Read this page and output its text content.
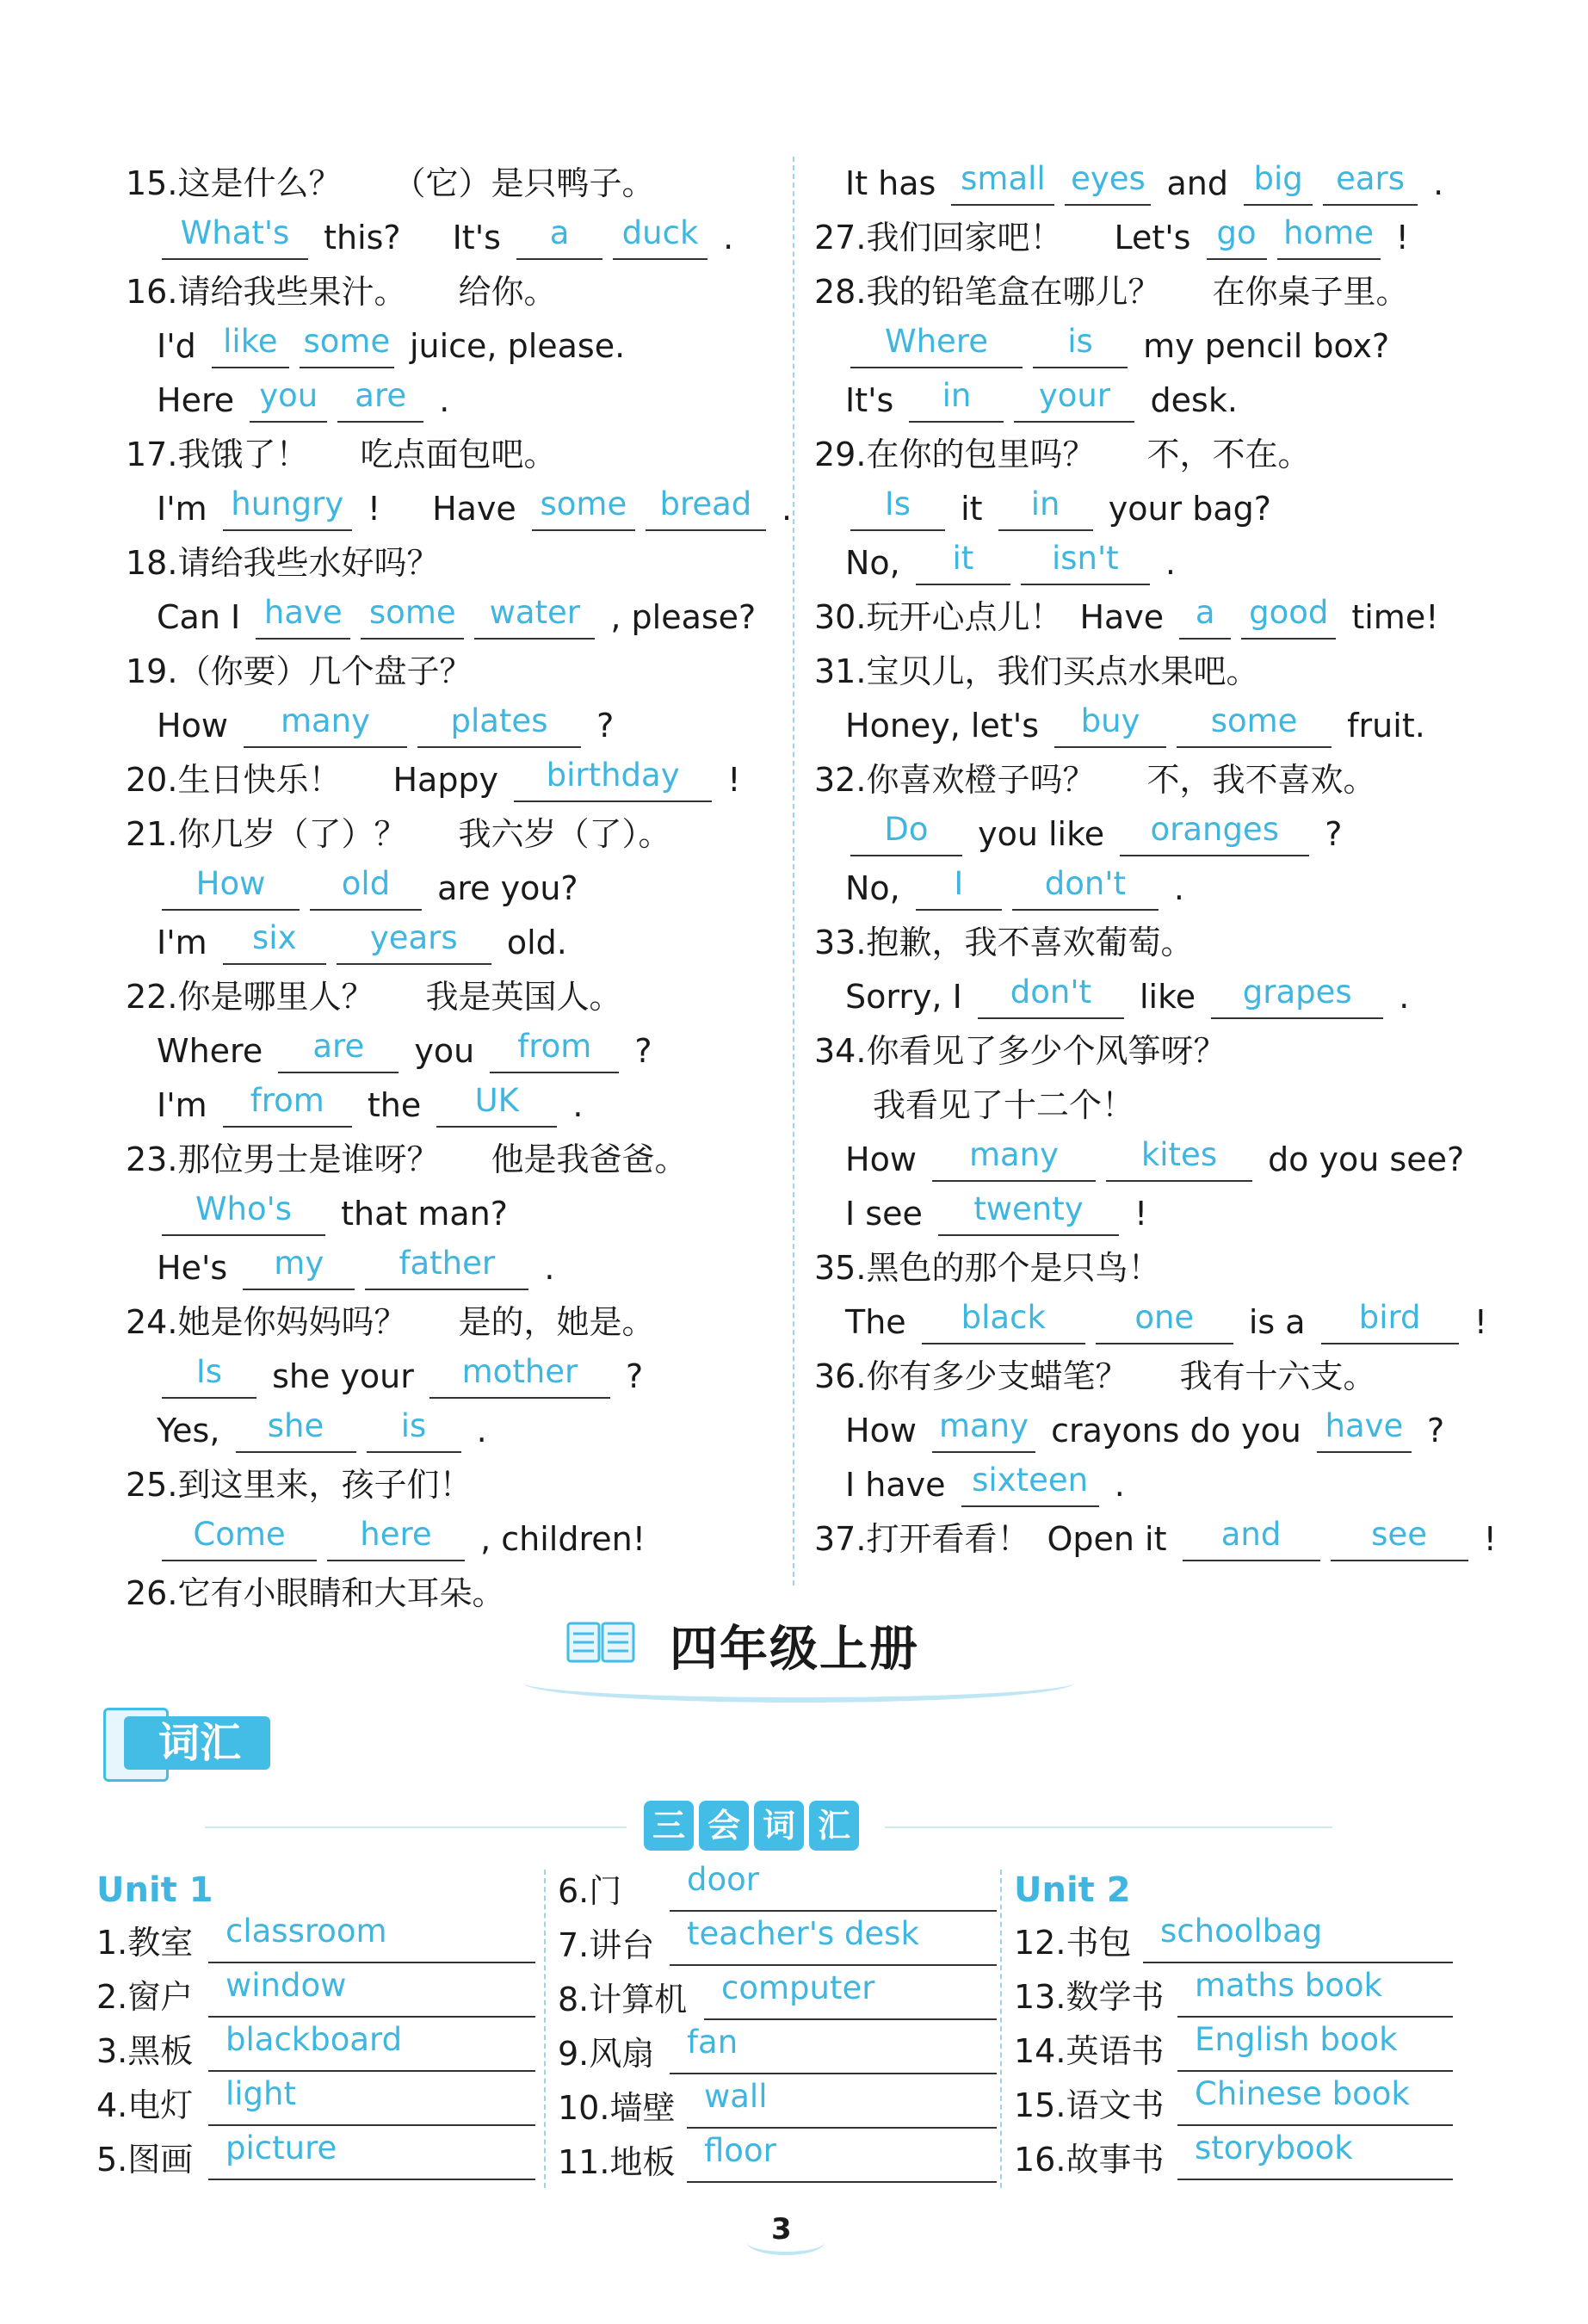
15.这是什么？ （它）是只鸭子。
What's this? It's a duck .
16.请给我些果汁。 给你。
I'd like some juice, please.
Here you are .
17.我饿了！ 吃点面包吧。
I'm hungry ! Have some bread .
18.请给我些水好吗？
Can I have some water , please?
19.（你要）几个盘子？
How many	plates ?
20.生日快乐！ Happy birthday !
21.你几岁（了）？ 我六岁（了）。
How old are you?
I'm six years old.
22.你是哪里人？ 我是英国人。
Where are you from ?
I'm from the UK .
23.那位男士是谁呀？ 他是我爸爸。
Who's that man?
He's my father .
24.她是你妈妈吗？ 是的，她是。
Is she your mother ?
Yes, she is .
25.到这里来，孩子们！
Come here , children!
26.它有小眼睛和大耳朵。
It has small eyes and big ears .
27.我们回家吧！ Let's go home !
28.我的铅笔盒在哪儿？ 在你桌子里。
Where is my pencil box?
It's in your desk.
29.在你的包里吗？ 不，不在。
Is it in your bag?
No, it isn't .
30.玩开心点儿！ Have a good time!
31.宝贝儿，我们买点水果吧。
Honey, let's buy some fruit.
32.你喜欢橙子吗？ 不，我不喜欢。
Do you like oranges ?
No, I	don't .
33.抱歉，我不喜欢葡萄。
Sorry, I don't like grapes .
34.你看见了多少个风筝呀？
我看见了十二个！
How many	kites do you see?
I see twenty !
35.黑色的那个是只鸟！
The black	one is a bird !
36.你有多少支蜡笔？ 我有十六支。
How many crayons do you have ?
I have sixteen .
37.打开看看！ Open it and	see !
四年级上册
词汇
三 会 词 汇
Unit 1
1.教室 classroom
2.窗户 window
3.黑板 blackboard
4.电灯 light
5.图画 picture
6.门 door
7.讲台 teacher's desk
8.计算机 computer
9.风扇 fan
10.墙壁 wall
11.地板 floor
Unit 2
12.书包 schoolbag
13.数学书 maths book
14.英语书 English book
15.语文书 Chinese book
16.故事书 storybook
3
